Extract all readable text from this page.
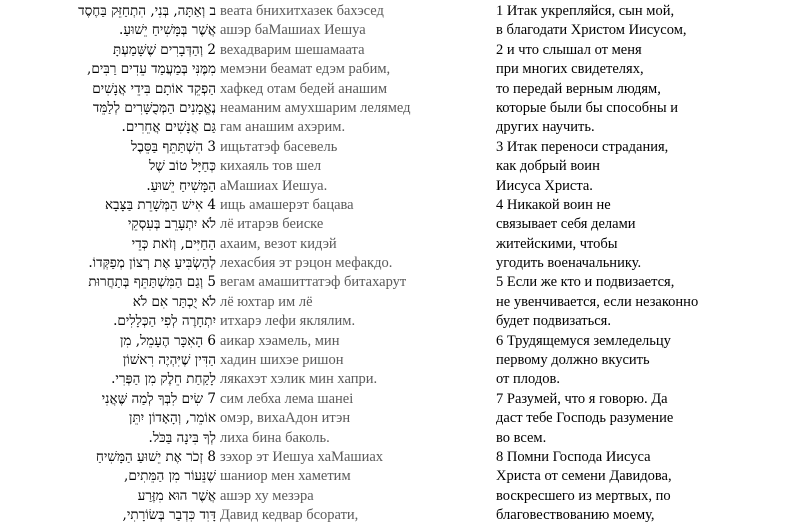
ב וְאַתָּה, בְּנִי, הִתְחַזֵּק בַּחֶסֶד
אֲשֶׁר בְּמָּשִׁיחַ יֵשׁוּעַ.
2 וְהַדְּבָרִים שֶׁשָּׁמַעְתָּ
מִמֶּנִּי בְּמַעֲמַד עֵדִים רַבִּים,
הַפְקֵד אוֹתָם בִּידֵי אֲנָשִׁים
נֶאֱמָנִים הַמְּכֻשָּׁרִים לְלַמֵּד
גַּם אֲנָשִׁים אֲחֵרִים.
3 הִשְׁתַּתֵּף בַּסֵּבֶל
כְּחַיָּל טוֹב שֶׁל
הַמָּשִׁיחַ יֵשׁוּעַ.
4 אִישׁ הַמְּשָׁרֵת בַּצָּבָא
לֹא יִתְעָרֵב בְּעִסְקֵי
הַחַיִּים, וְזֹאת כְּדֵי
לְהַשְׂבִּיעַ אֶת רְצוֹן מְפַקְּדוֹ.
5 וְגַם הַמִּשְׁתַּתֵּף בְּתַחֲרוּת
לֹא יֻכְתַּר אִם לֹא
יִתְחָרֶה לְפִי הַכְּלָלִים.
6 הָאִכָּר הֶעָמֵל, מִן
הַדִּין שֶׁיִּהְיֶה רִאשׁוֹן
לָקַחַת חֵלֶק מִן הַפְּרִי.
7 שִׂים לִבְּךָ לְמַה שֶּׁאֲנִי
אוֹמֵר, וְהָאָדוֹן יִתֵּן
לְךָ בִּינָה בַּכֹּל.
8 זְכֹר אֶת יֵשׁוּעַ הַמָּשִׁיחַ
שֶׁנֵּעוֹר מִן הַמֵּתִים,
אֲשֶׁר הוּא מִזֶּרַע
דָּוִד כִּדְבַר בְּשׂוֹרָתִי,
веата бнихитхазек бахэсед
ашэр баМашиах Иешуа
вехадварим шешамаата
мемэни беамат едэм рабим,
хафкед отам бедей анашим
неаманим амухшарим лелямед
гам анашим ахэрим.
ищьтатэф басевель
кихаяль тов шел
аМашиах Иешуа.
ищь амашерэт бацава
лё итарэв беиске
ахаим, везот кидэй
лехасбия эт рэцон мефакдо.
вегам амашиттатэф битахарут
лё юхтар им лё
итхарэ лефи яклялим.
аикар хэамель, мин
хадин шихэе ришон
лякахэт хэлик мин хапри.
сим лебха лема шанеi
омэр, вихаАдон итэн
лиха бина баколь.
зэхор эт Иешуа хаМашиах
шаниор мен хаметим
ашэр ху мезэра
Давид кедвар бсорати,
1 Итак укрепляйся, сын мой,
в благодати Христом Иисусом,
2 и что слышал от меня
при многих свидетелях,
то передай верным людям,
которые были бы способны и
других научить.
3 Итак переноси страдания,
как добрый воин
Иисуса Христа.
4 Никакой воин не
связывает себя делами
житейскими, чтобы
угодить военачальнику.
5 Если же кто и подвизается,
не увенчивается, если незаконно
будет подвизаться.
6 Трудящемуся земледельцу
первому должно вкусить
от плодов.
7 Разумей, что я говорю. Да
даст тебе Господь разумение
во всем.
8 Помни Господа Иисуса
Христа от семени Давидова,
воскресшего из мертвых, по
благовествованию моему,
